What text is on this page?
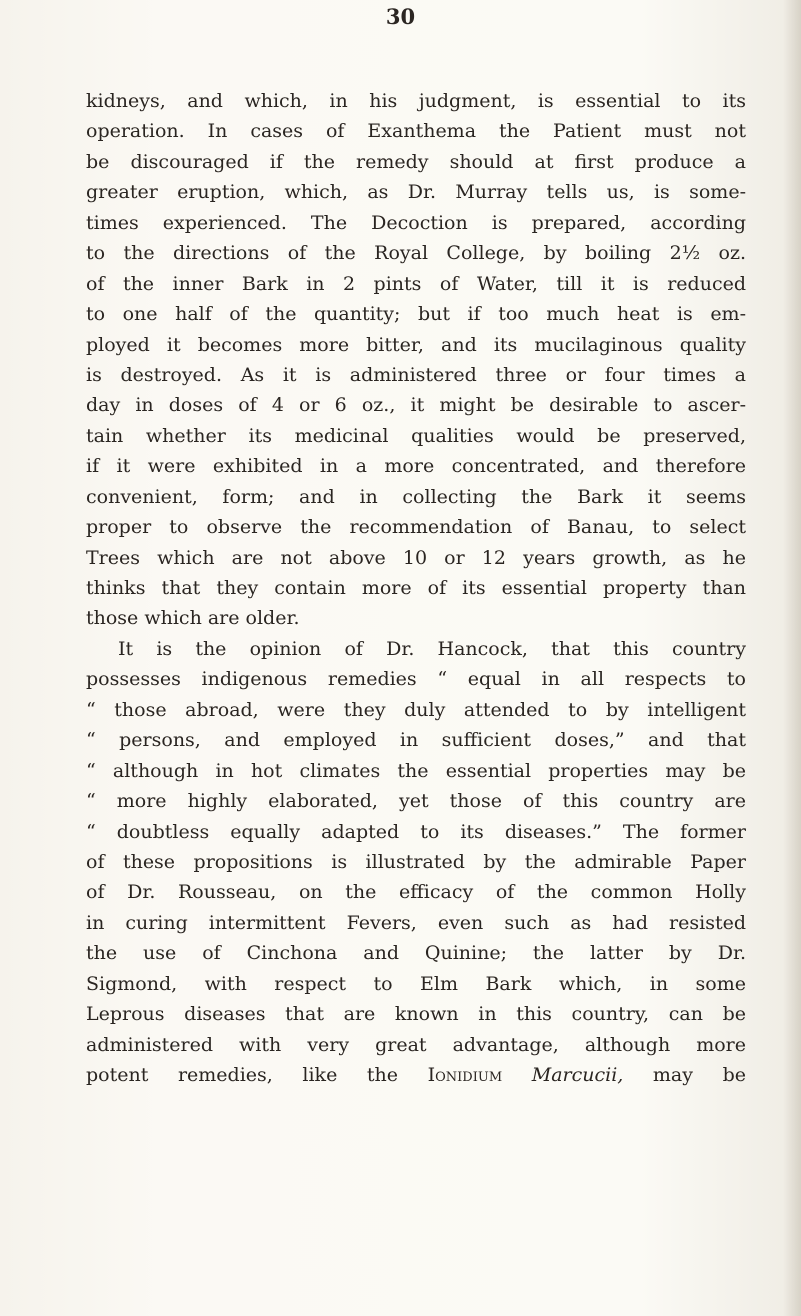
30
kidneys, and which, in his judgment, is essential to its
operation. In cases of Exanthema the Patient must not
be discouraged if the remedy should at first produce a
greater eruption, which, as Dr. Murray tells us, is some-
times experienced. The Decoction is prepared, according
to the directions of the Royal College, by boiling 2½ oz.
of the inner Bark in 2 pints of Water, till it is reduced
to one half of the quantity; but if too much heat is em-
ployed it becomes more bitter, and its mucilaginous quality
is destroyed. As it is administered three or four times a
day in doses of 4 or 6 oz., it might be desirable to ascer-
tain whether its medicinal qualities would be preserved,
if it were exhibited in a more concentrated, and therefore
convenient, form; and in collecting the Bark it seems
proper to observe the recommendation of Banau, to select
Trees which are not above 10 or 12 years growth, as he
thinks that they contain more of its essential property than
those which are older.
It is the opinion of Dr. Hancock, that this country
possesses indigenous remedies “ equal in all respects to
“ those abroad, were they duly attended to by intelligent
“ persons, and employed in sufficient doses,” and that
“ although in hot climates the essential properties may be
“ more highly elaborated, yet those of this country are
“ doubtless equally adapted to its diseases.” The former
of these propositions is illustrated by the admirable Paper
of Dr. Rousseau, on the efficacy of the common Holly
in curing intermittent Fevers, even such as had resisted
the use of Cinchona and Quinine; the latter by Dr.
Sigmond, with respect to Elm Bark which, in some
Leprous diseases that are known in this country, can be
administered with very great advantage, although more
potent remedies, like the Ionidium Marcucii, may be
